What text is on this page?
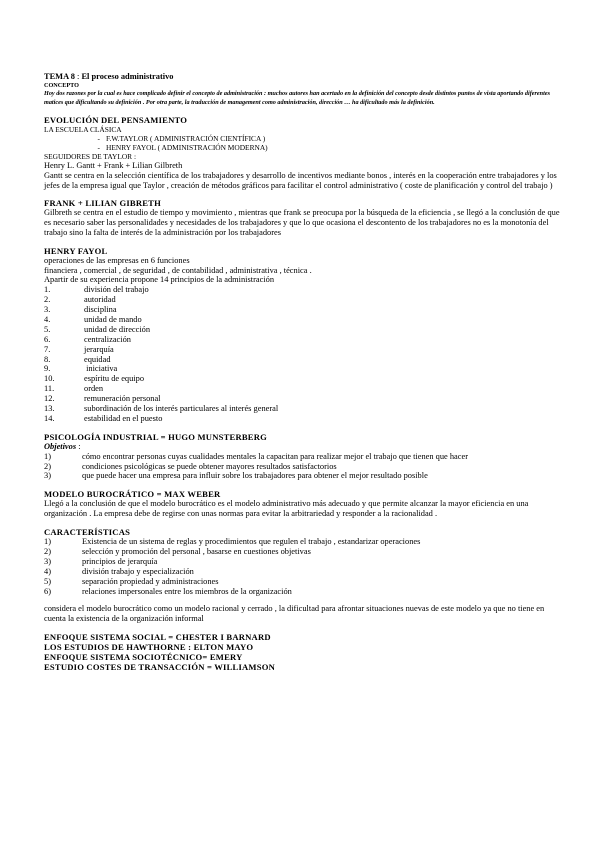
TEMA 8 : El proceso administrativo
CONCEPTO
Hoy dos razones por la cual es hace complicado definir el concepto de administración : muchos autores han acertado en la definición del concepto desde distintos puntos de vista aportando diferentes matices que dificultando su definición . Por otra parte, la traducción de management como administración, dirección … ha dificultado más la definición.
EVOLUCIÓN DEL PENSAMIENTO
LA ESCUELA CLÁSICA
- F.W.TAYLOR ( ADMINISTRACIÓN CIENTÍFICA )
- HENRY FAYOL ( ADMINISTRACIÓN MODERNA)
SEGUIDORES DE TAYLOR :
Henry L. Gantt + Frank + Lilian Gilbreth
Gantt se centra en la selección científica de los trabajadores y desarrollo de incentivos mediante bonos , interés en la cooperación entre trabajadores y los jefes de la empresa igual que Taylor , creación de métodos gráficos para facilitar el control administrativo ( coste de planificación y control del trabajo )
FRANK + LILIAN GIBRETH
Gilbreth se centra en el estudio de tiempo y movimiento , mientras que frank se preocupa por la búsqueda de la eficiencia , se llegó a la conclusión de que es necesario saber las personalidades y necesidades de los trabajadores y que lo que ocasiona el descontento de los trabajadores no es la monotonía del trabajo sino la falta de interés de la administración por los trabajadores
HENRY FAYOL
operaciones de las empresas en 6 funciones
financiera , comercial , de seguridad , de contabilidad , administrativa , técnica .
Apartir de su experiencia propone 14 principios de la administración
1.	división del trabajo
2.	autoridad
3.	disciplina
4.	unidad de mando
5.	unidad de dirección
6.	centralización
7.	jerarquía
8.	equidad
9.	iniciativa
10.	espíritu de equipo
11.	orden
12.	remuneración personal
13.	subordinación de los interés particulares al interés general
14.	estabilidad en el puesto
PSICOLOGÍA INDUSTRIAL = HUGO MUNSTERBERG
Objetivos :
1)	cómo encontrar personas cuyas cualidades mentales la capacitan para realizar mejor el trabajo que tienen que hacer
2)	condiciones psicológicas se puede obtener mayores resultados satisfactorios
3)	que puede hacer una empresa para influir sobre los trabajadores para obtener el mejor resultado posible
MODELO BUROCRÁTICO = MAX WEBER
Llegó a la conclusión de que el modelo burocrático es el modelo administrativo más adecuado y que permite alcanzar la mayor eficiencia en una organización . La empresa debe de regirse con unas normas para evitar la arbitrariedad y responder a la racionalidad .
CARACTERÍSTICAS
1)	Existencia de un sistema de reglas y procedimientos que regulen el trabajo , estandarizar operaciones
2)	selección y promoción del personal , basarse en cuestiones objetivas
3)	principios de jerarquía
4)	división trabajo y especialización
5)	separación propiedad y administraciones
6)	relaciones impersonales entre los miembros de la organización
considera el modelo burocrático como un modelo racional y cerrado , la dificultad para afrontar situaciones nuevas de este modelo ya que no tiene en cuenta la existencia de la organización informal
ENFOQUE SISTEMA SOCIAL = CHESTER I BARNARD
LOS ESTUDIOS DE HAWTHORNE : ELTON MAYO
ENFOQUE SISTEMA SOCIOTÉCNICO= EMERY
ESTUDIO COSTES DE TRANSACCIÓN = WILLIAMSON
